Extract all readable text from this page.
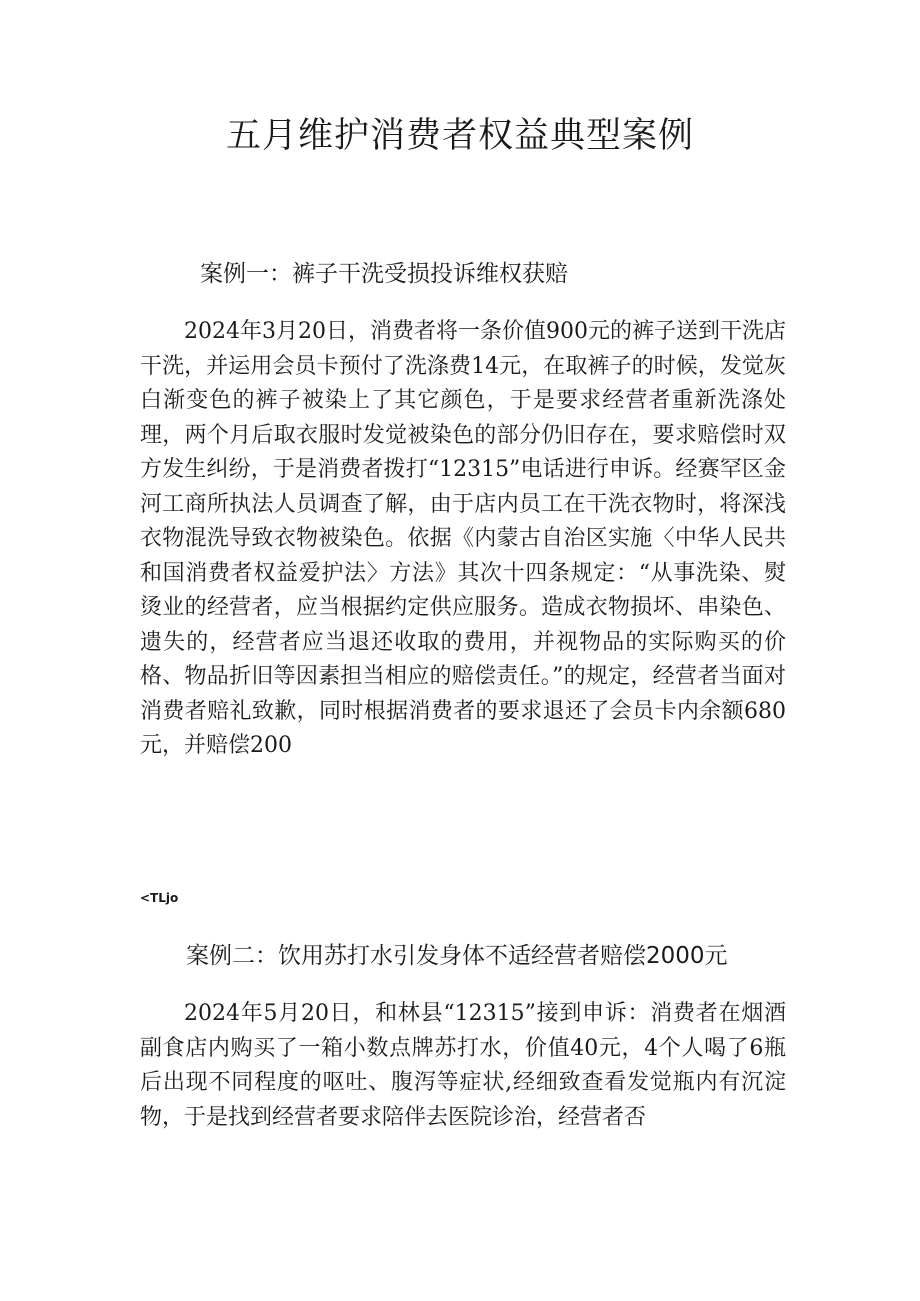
五月维护消费者权益典型案例
案例一：裤子干洗受损投诉维权获赔

2024年3月20日，消费者将一条价值900元的裤子送到干洗店干洗，并运用会员卡预付了洗涤费14元，在取裤子的时候，发觉灰白渐变色的裤子被染上了其它颜色，于是要求经营者重新洗涤处理，两个月后取衣服时发觉被染色的部分仍旧存在，要求赔偿时双方发生纠纷，于是消费者拨打“12315”电话进行申诉。经赛罕区金河工商所执法人员调查了解，由于店内员工在干洗衣物时，将深浅衣物混洗导致衣物被染色。依据《内蒙古自治区实施〈中华人民共和国消费者权益爱护法〉方法》其次十四条规定：“从事洗染、熨烫业的经营者，应当根据约定供应服务。造成衣物损坏、串染色、遗失的，经营者应当退还收取的费用，并视物品的实际购买的价格、物品折旧等因素担当相应的赔偿责任。”的规定，经营者当面对消费者赔礼致歉，同时根据消费者的要求退还了会员卡内余额680元，并赔偿200

<TLjo

案例二：饮用苏打水引发身体不适经营者赔偿2000元

2024年5月20日，和林县“12315”接到申诉：消费者在烟酒副食店内购买了一箱小数点牌苏打水，价值40元，4个人喝了6瓶后出现不同程度的呕吐、腹泻等症状,经细致查看发觉瓶内有沉淀物，于是找到经营者要求陪伴去医院诊治，经营者否
